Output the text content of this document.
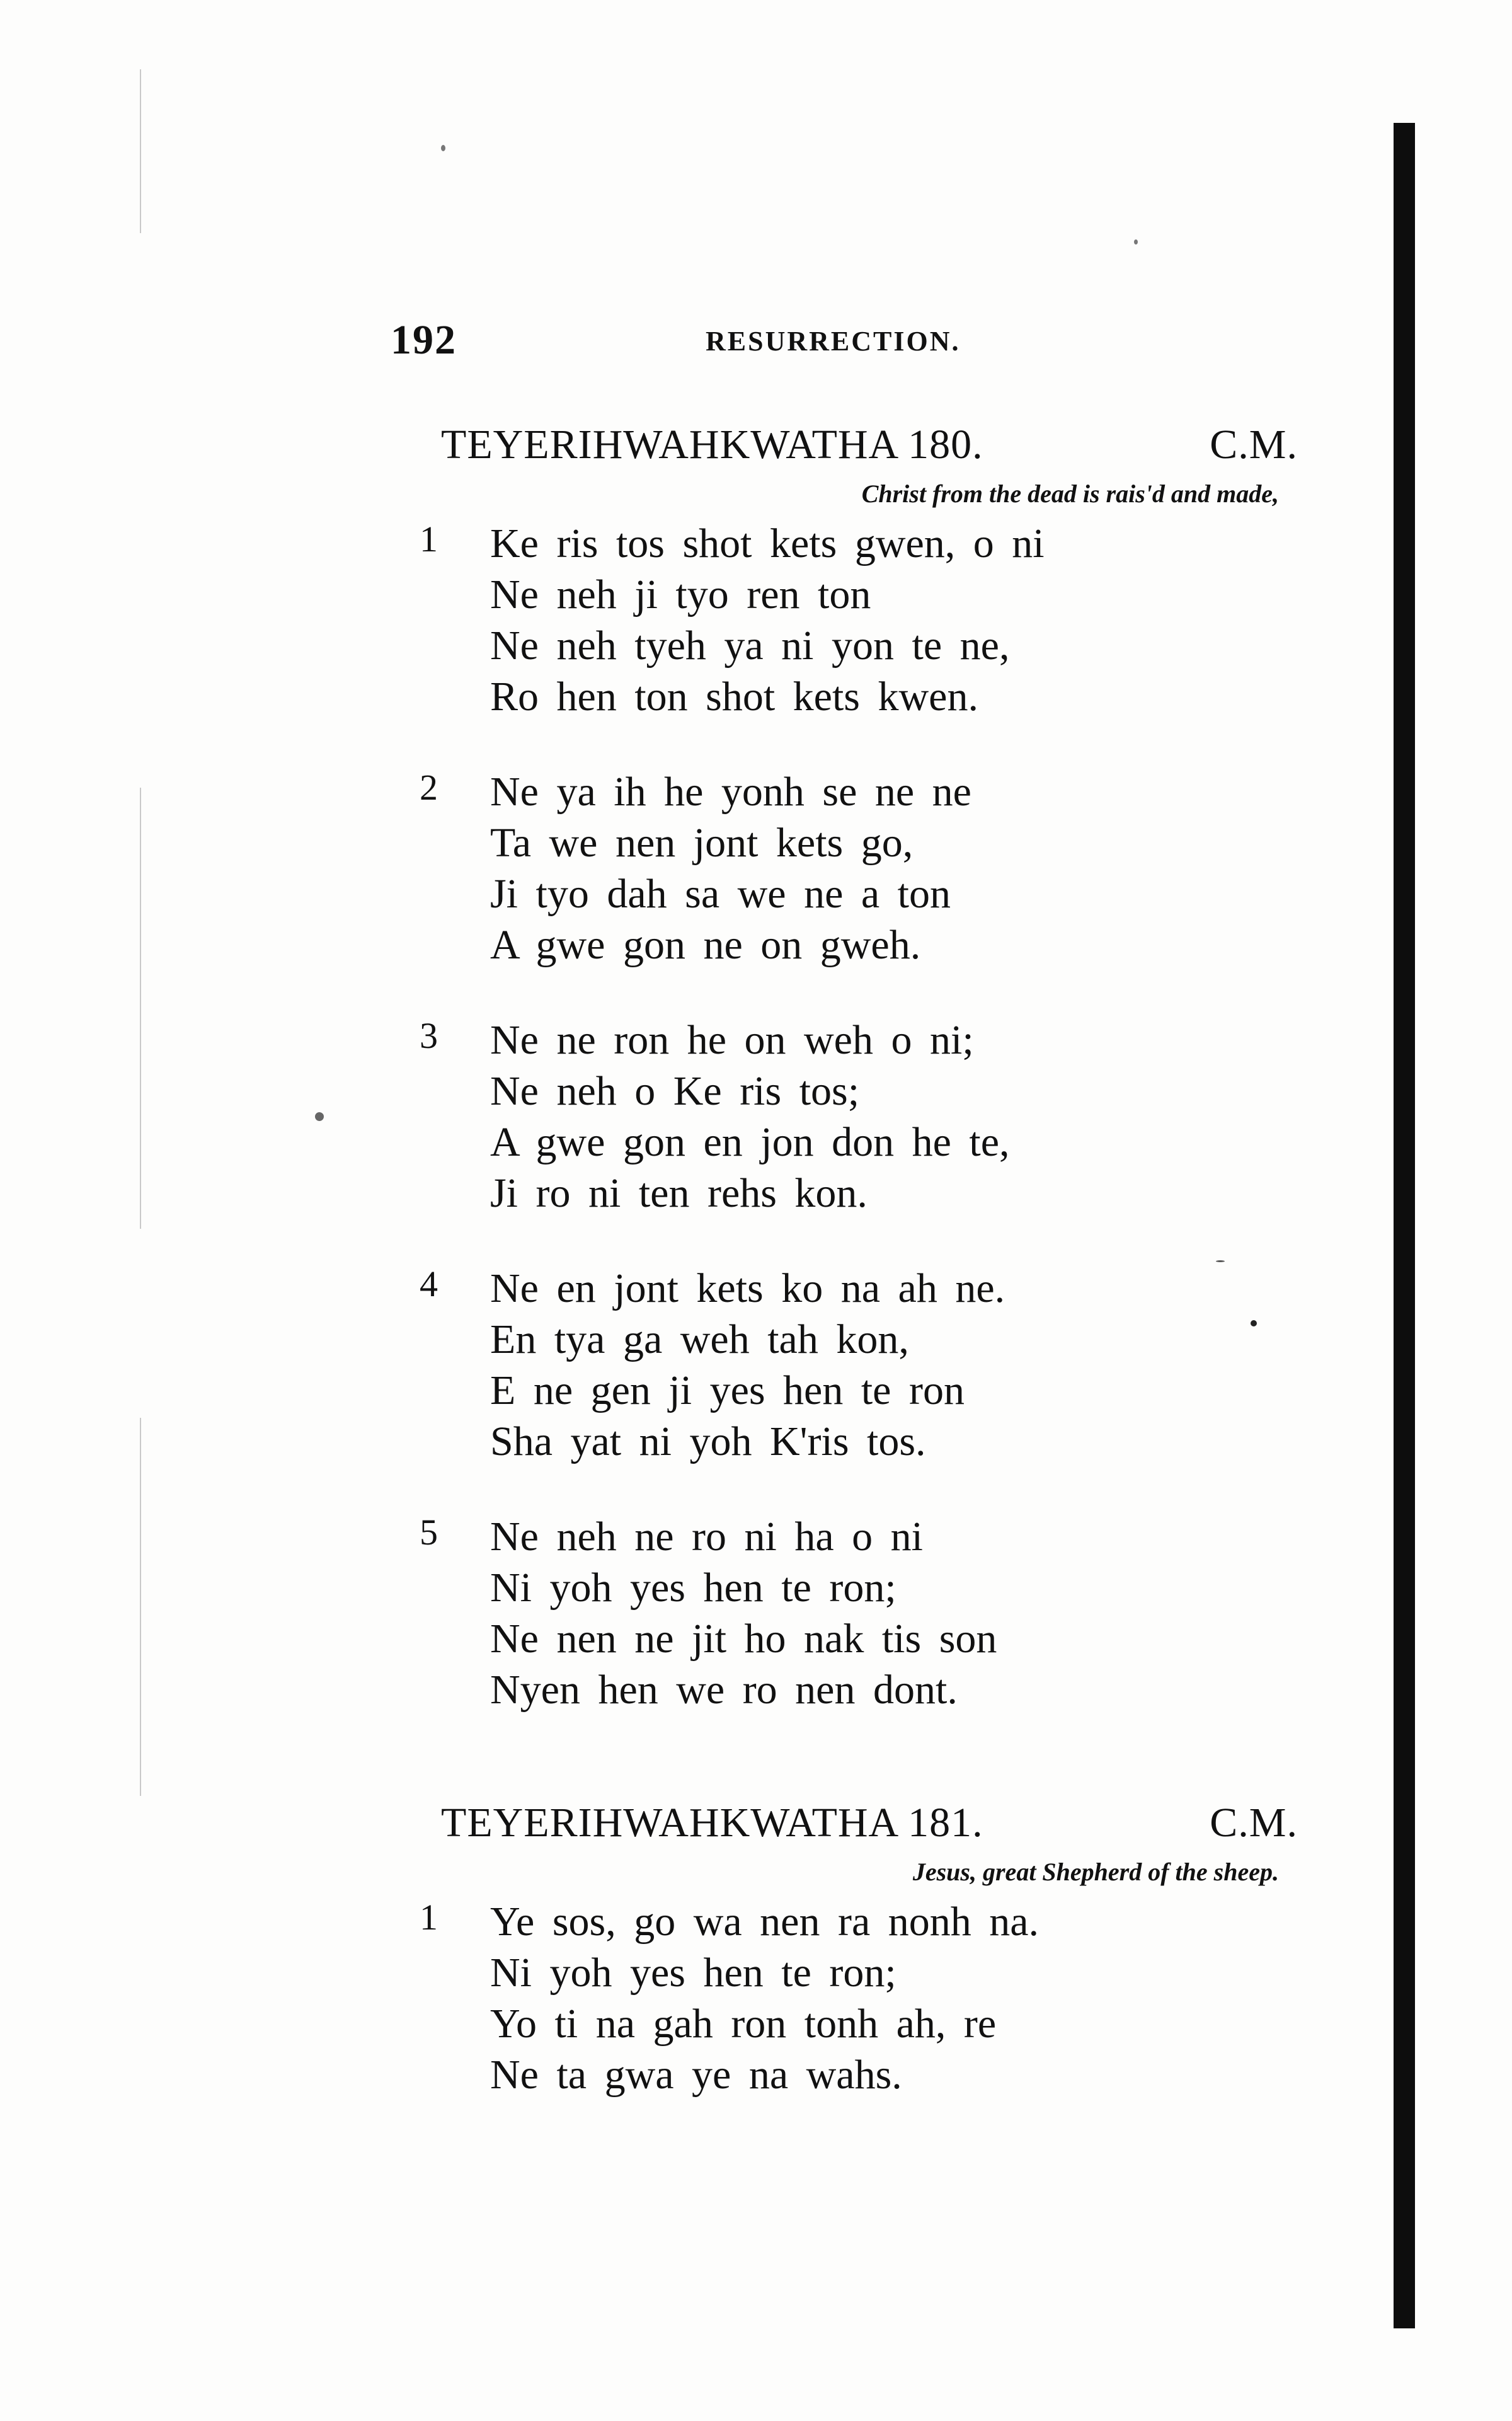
192	RESURRECTION.
TEYERIHWAHKWATHA 180.	C.M.
Christ from the dead is rais'd and made,
1 Ke ris tos shot kets gwen, o ni
Ne neh ji tyo ren ton
Ne neh tyeh ya ni yon te ne,
Ro hen ton shot kets kwen.
2 Ne ya ih he yonh se ne ne
Ta we nen jont kets go,
Ji tyo dah sa we ne a ton
A gwe gon ne on gweh.
3 Ne ne ron he on weh o ni;
Ne neh o Ke ris tos;
A gwe gon en jon don he te,
Ji ro ni ten rehs kon.
4 Ne en jont kets ko na ah ne.
En tya ga weh tah kon,
E ne gen ji yes hen te ron
Sha yat ni yoh K'ris tos.
5 Ne neh ne ro ni ha o ni
Ni yoh yes hen te ron;
Ne nen ne jit ho nak tis son
Nyen hen we ro nen dont.
TEYERIHWAHKWATHA 181.	C.M.
Jesus, great Shepherd of the sheep.
1 Ye sos, go wa nen ra nonh na.
Ni yoh yes hen te ron;
Yo ti na gah ron tonh ah, re
Ne ta gwa ye na wahs.
